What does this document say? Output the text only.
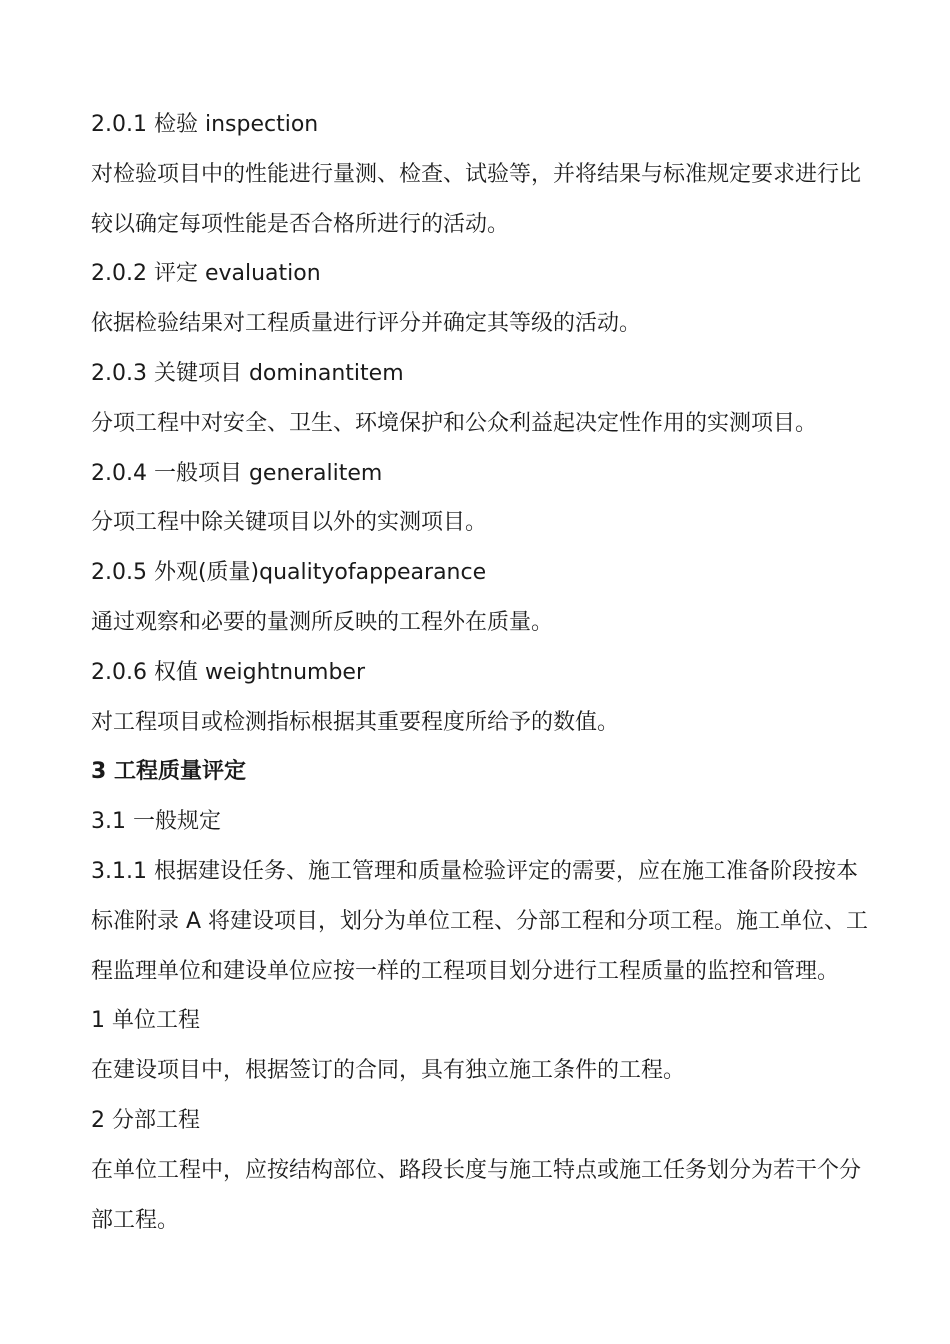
2.0.1 检验 inspection
对检验项目中的性能进行量测、检查、试验等，并将结果与标准规定要求进行比
较以确定每项性能是否合格所进行的活动。
2.0.2 评定 evaluation
依据检验结果对工程质量进行评分并确定其等级的活动。
2.0.3 关键项目 dominantitem
分项工程中对安全、卫生、环境保护和公众利益起决定性作用的实测项目。
2.0.4 一般项目 generalitem
分项工程中除关键项目以外的实测项目。
2.0.5 外观(质量)qualityofappearance
通过观察和必要的量测所反映的工程外在质量。
2.0.6 权值 weightnumber
对工程项目或检测指标根据其重要程度所给予的数值。
3 工程质量评定
3.1 一般规定
3.1.1 根据建设任务、施工管理和质量检验评定的需要，应在施工准备阶段按本
标准附录 A 将建设项目，划分为单位工程、分部工程和分项工程。施工单位、工
程监理单位和建设单位应按一样的工程项目划分进行工程质量的监控和管理。
1 单位工程
在建设项目中，根据签订的合同，具有独立施工条件的工程。
2 分部工程
在单位工程中，应按结构部位、路段长度与施工特点或施工任务划分为若干个分
部工程。
